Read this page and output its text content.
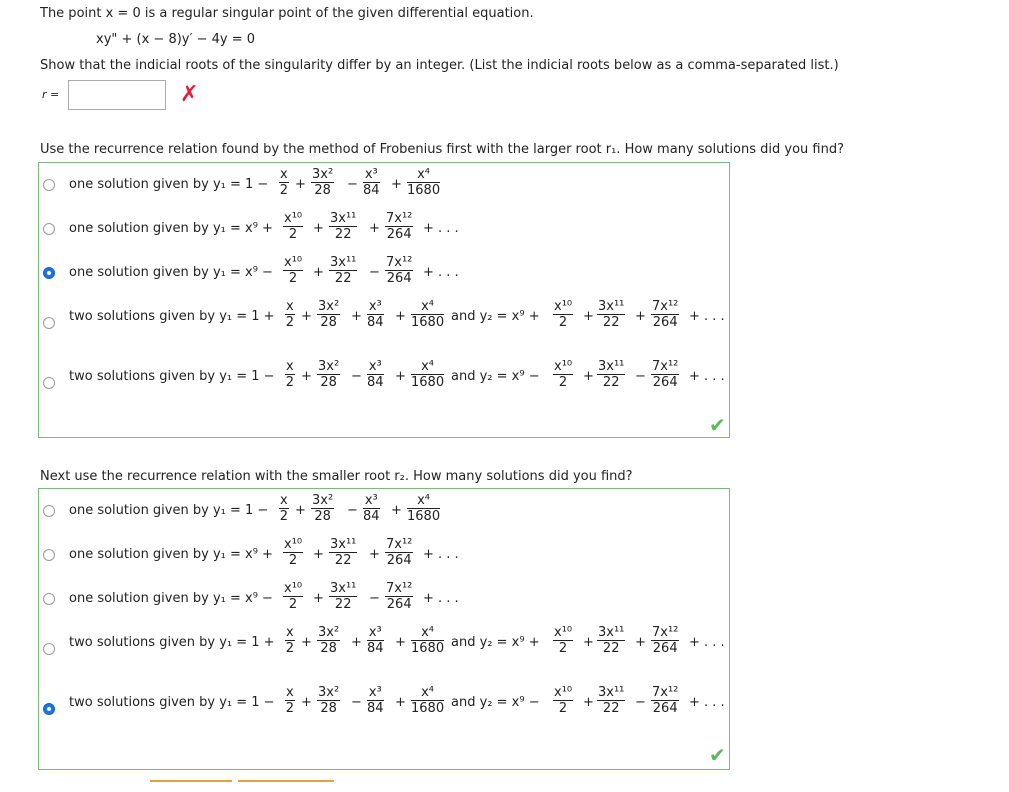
The point x = 0 is a regular singular point of the given differential equation.
xy" + (x − 8)y′ − 4y = 0
Show that the indicial roots of the singularity differ by an integer. (List the indicial roots below as a comma-separated list.)
r =	✗
Use the recurrence relation found by the method of Frobenius first with the larger root r₁. How many solutions did you find?
one solution given by $y_1 = 1 - \frac{x}{2} + \frac{\text{3x²}}{28} - \frac{\text{x³}}{84} + \frac{\text{x⁴}}{1680}$
one solution given by $y_1 = x^9 + \frac{\text{x¹⁰}}{2} + \frac{\text{3x¹¹}}{22} + \frac{\text{7x¹²}}{264}$ + . . .
one solution given by $y_1 = x^9 - \frac{\text{x¹⁰}}{2} + \frac{\text{3x¹¹}}{22} - \frac{\text{7x¹²}}{264}$ + . . .
two solutions given by $y_1 = 1 + \frac{x}{2} + \frac{\text{3x²}}{28} + \frac{\text{x³}}{84} + \frac{\text{x⁴}}{1680}$ and $y_2 = x^9 + \frac{\text{x¹⁰}}{2} + \frac{\text{3x¹¹}}{22} + \frac{\text{7x¹²}}{264}$ + . . .
two solutions given by $y_1 = 1 - \frac{x}{2} + \frac{\text{3x²}}{28} - \frac{\text{x³}}{84} + \frac{\text{x⁴}}{1680}$ and $y_2 = x^9 - \frac{\text{x¹⁰}}{2} + \frac{\text{3x¹¹}}{22} - \frac{\text{7x¹²}}{264}$ + . . .
✔
Next use the recurrence relation with the smaller root r₂. How many solutions did you find?
one solution given by $y_1 = 1 - \frac{x}{2} + \frac{\text{3x²}}{28} - \frac{\text{x³}}{84} + \frac{\text{x⁴}}{1680}$
one solution given by $y_1 = x^9 + \frac{\text{x¹⁰}}{2} + \frac{\text{3x¹¹}}{22} + \frac{\text{7x¹²}}{264}$ + . . .
one solution given by $y_1 = x^9 - \frac{\text{x¹⁰}}{2} + \frac{\text{3x¹¹}}{22} - \frac{\text{7x¹²}}{264}$ + . . .
two solutions given by $y_1 = 1 + \frac{x}{2} + \frac{\text{3x²}}{28} + \frac{\text{x³}}{84} + \frac{\text{x⁴}}{1680}$ and $y_2 = x^9 + \frac{\text{x¹⁰}}{2} + \frac{\text{3x¹¹}}{22} + \frac{\text{7x¹²}}{264}$ + . . .
two solutions given by $y_1 = 1 - \frac{x}{2} + \frac{\text{3x²}}{28} - \frac{\text{x³}}{84} + \frac{\text{x⁴}}{1680}$ and $y_2 = x^9 - \frac{\text{x¹⁰}}{2} + \frac{\text{3x¹¹}}{22} - \frac{\text{7x¹²}}{264}$ + . . .
✔
